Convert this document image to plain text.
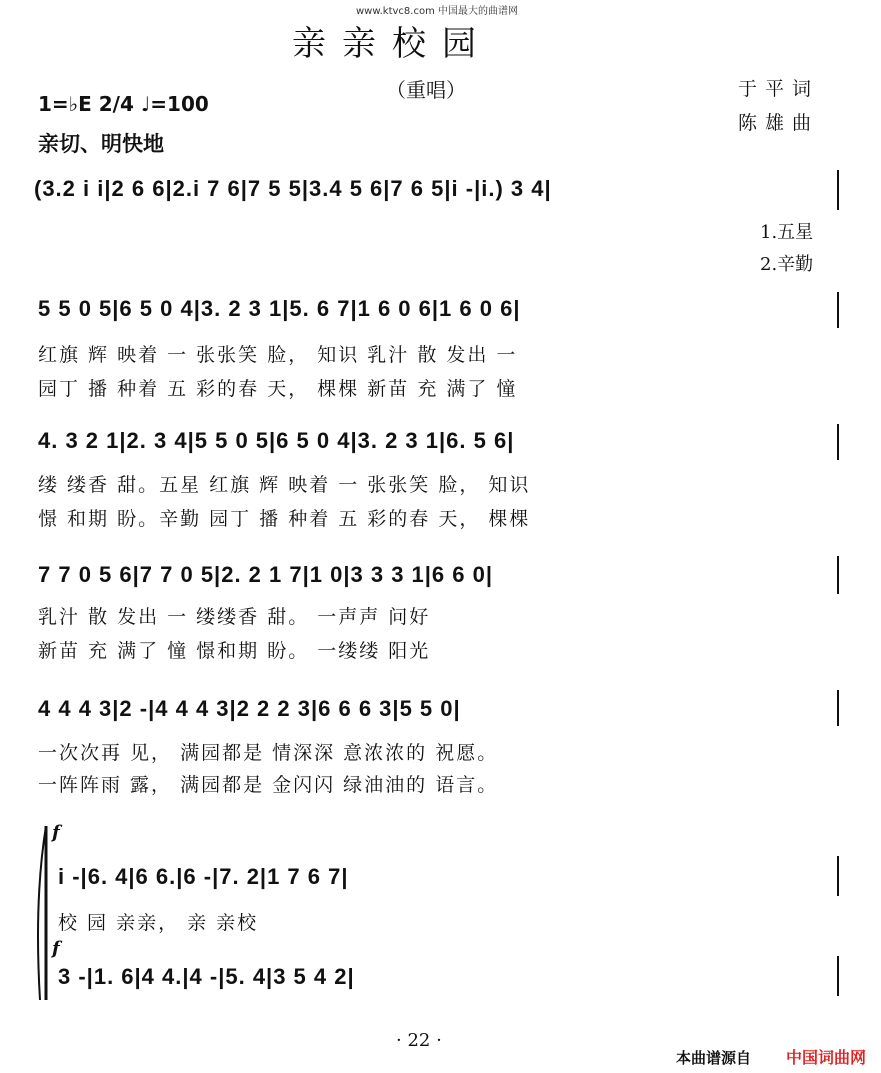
www.ktvc8.com 中国最大的曲谱网
亲亲校园
（重唱）	于平词
陈雄曲
1=♭E 2/4 ♩=100
亲切、明快地
(3.2 i i|2 6 6|2.i 7 6|7 5 5|3.4 5 6|7 6 5|i -|i.) 3 4|
1.五星
2.辛勤
5 5 0 5|6 5 0 4|3. 2 3 1|5. 6 7|1 6 0 6|1 6 0 6|
红旗 辉 映着 一 张张笑 脸， 知识 乳汁 散 发出 一
园丁 播 种着 五 彩的春 天， 棵棵 新苗 充 满了 憧
4. 3 2 1|2. 3 4|5 5 0 5|6 5 0 4|3. 2 3 1|6. 5 6|
缕 缕香 甜。五星 红旗 辉 映着 一 张张笑 脸， 知识
憬 和期 盼。辛勤 园丁 播 种着 五 彩的春 天， 棵棵
7 7 0 5 6|7 7 0 5|2. 2 1 7|1 0|3 3 3 1|6 6 0|
乳汁 散 发出 一 缕缕香 甜。 一声声 问好
新苗 充 满了 憧 憬和期 盼。 一缕缕 阳光
4 4 4 3|2 -|4 4 4 3|2 2 2 3|6 6 6 3|5 5 0|
一次次再 见， 满园都是 情深深 意浓浓的 祝愿。
一阵阵雨 露， 满园都是 金闪闪 绿油油的 语言。
f
i -|6. 4|6 6.|6 -|7. 2|1 7 6 7|
校 园 亲亲， 亲 亲校
f
3 -|1. 6|4 4.|4 -|5. 4|3 5 4 2|
· 22 ·
本曲谱源自 中国词曲网
